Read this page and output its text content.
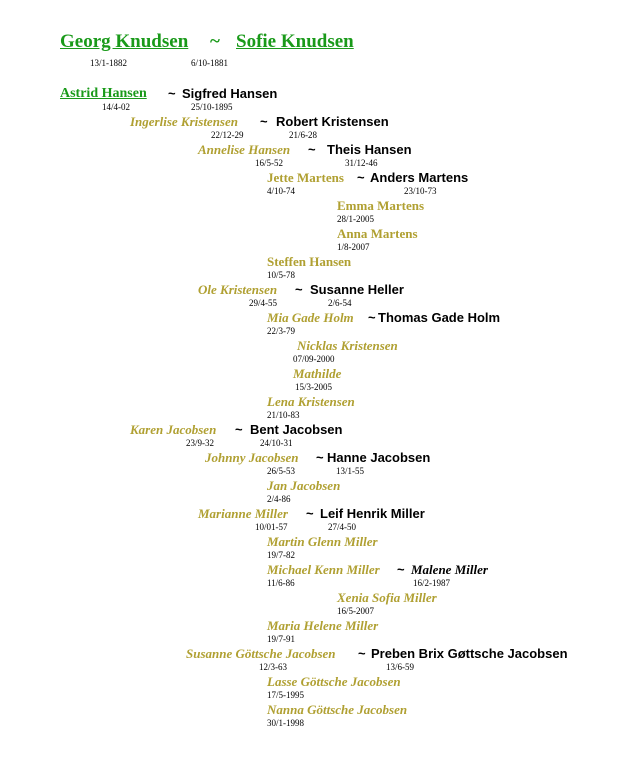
Georg Knudsen ~ Sofie Knudsen
13/1-1882	6/10-1881
Astrid Hansen ~ Sigfred Hansen
14/4-02	25/10-1895
Ingerlise Kristensen ~ Robert Kristensen
22/12-29	21/6-28
Annelise Hansen ~ Theis Hansen
16/5-52	31/12-46
Jette Martens ~ Anders Martens
4/10-74	23/10-73
Emma Martens
28/1-2005
Anna Martens
1/8-2007
Steffen Hansen
10/5-78
Ole Kristensen ~ Susanne Heller
29/4-55	2/6-54
Mia Gade Holm ~ Thomas Gade Holm
22/3-79
Nicklas Kristensen
07/09-2000
Mathilde
15/3-2005
Lena Kristensen
21/10-83
Karen Jacobsen ~ Bent Jacobsen
23/9-32	24/10-31
Johnny Jacobsen ~ Hanne Jacobsen
26/5-53	13/1-55
Jan Jacobsen
2/4-86
Marianne Miller ~ Leif Henrik Miller
10/01-57	27/4-50
Martin Glenn Miller
19/7-82
Michael Kenn Miller ~ Malene Miller
11/6-86	16/2-1987
Xenia Sofia Miller
16/5-2007
Maria Helene Miller
19/7-91
Susanne Göttsche Jacobsen ~ Preben Brix Gøttsche Jacobsen
12/3-63	13/6-59
Lasse Göttsche Jacobsen
17/5-1995
Nanna Göttsche Jacobsen
30/1-1998
